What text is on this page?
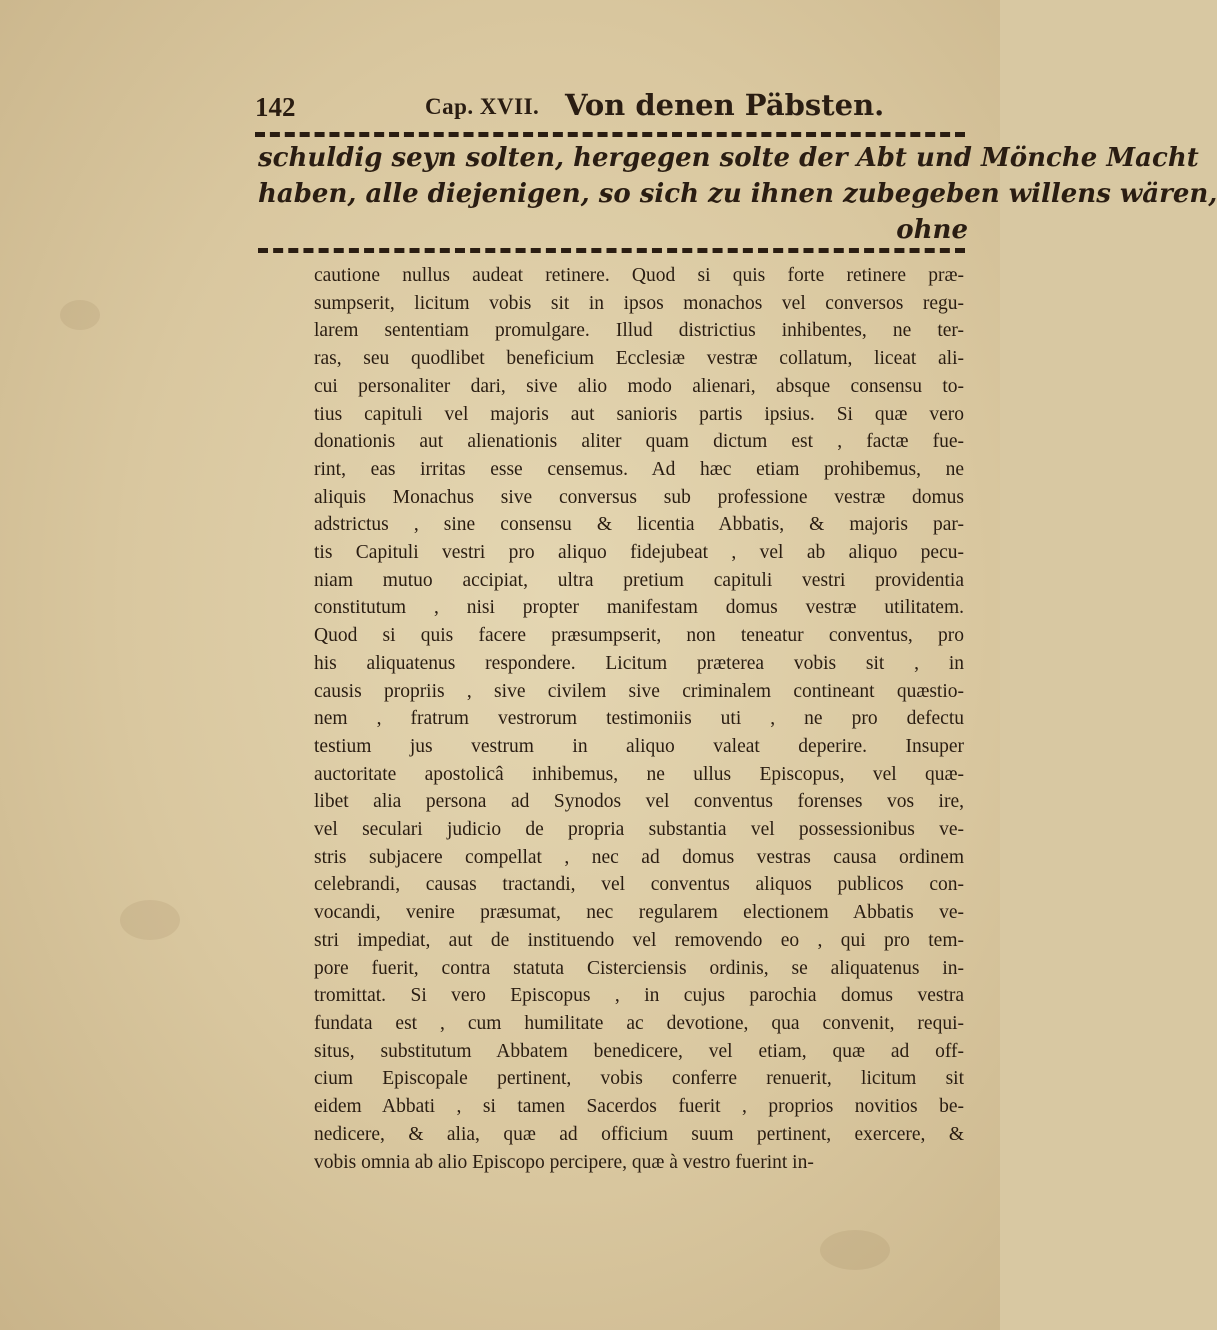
142	Cap. XVII. Von denen Päbsten.
schuldig seyn solten, hergegen solte der Abt und Mönche Macht
haben, alle diejenigen, so sich zu ihnen zubegeben willens wären,
ohne
cautione nullus audeat retinere. Quod si quis forte retinere præ-
sumpserit, licitum vobis sit in ipsos monachos vel conversos regu-
larem sententiam promulgare. Illud districtius inhibentes, ne ter-
ras, seu quodlibet beneficium Ecclesiæ vestræ collatum, liceat ali-
cui personaliter dari, sive alio modo alienari, absque consensu to-
tius capituli vel majoris aut sanioris partis ipsius. Si quæ vero
donationis aut alienationis aliter quam dictum est , factæ fue-
rint, eas irritas esse censemus. Ad hæc etiam prohibemus, ne
aliquis Monachus sive conversus sub professione vestræ domus
adstrictus , sine consensu & licentia Abbatis, & majoris par-
tis Capituli vestri pro aliquo fidejubeat , vel ab aliquo pecu-
niam mutuo accipiat, ultra pretium capituli vestri providentia
constitutum , nisi propter manifestam domus vestræ utilitatem.
Quod si quis facere præsumpserit, non teneatur conventus, pro
his aliquatenus respondere. Licitum præterea vobis sit , in
causis propriis , sive civilem sive criminalem contineant quæstio-
nem , fratrum vestrorum testimoniis uti , ne pro defectu
testium jus vestrum in aliquo valeat deperire. Insuper
auctoritate apostolicâ inhibemus, ne ullus Episcopus, vel quæ-
libet alia persona ad Synodos vel conventus forenses vos ire,
vel seculari judicio de propria substantia vel possessionibus ve-
stris subjacere compellat , nec ad domus vestras causa ordinem
celebrandi, causas tractandi, vel conventus aliquos publicos con-
vocandi, venire præsumat, nec regularem electionem Abbatis ve-
stri impediat, aut de instituendo vel removendo eo , qui pro tem-
pore fuerit, contra statuta Cisterciensis ordinis, se aliquatenus in-
tromittat. Si vero Episcopus , in cujus parochia domus vestra
fundata est , cum humilitate ac devotione, qua convenit, requi-
situs, substitutum Abbatem benedicere, vel etiam, quæ ad off-
cium Episcopale pertinent, vobis conferre renuerit, licitum sit
eidem Abbati , si tamen Sacerdos fuerit , proprios novitios be-
nedicere, & alia, quæ ad officium suum pertinent, exercere, &
vobis omnia ab alio Episcopo percipere, quæ à vestro fuerint in-
